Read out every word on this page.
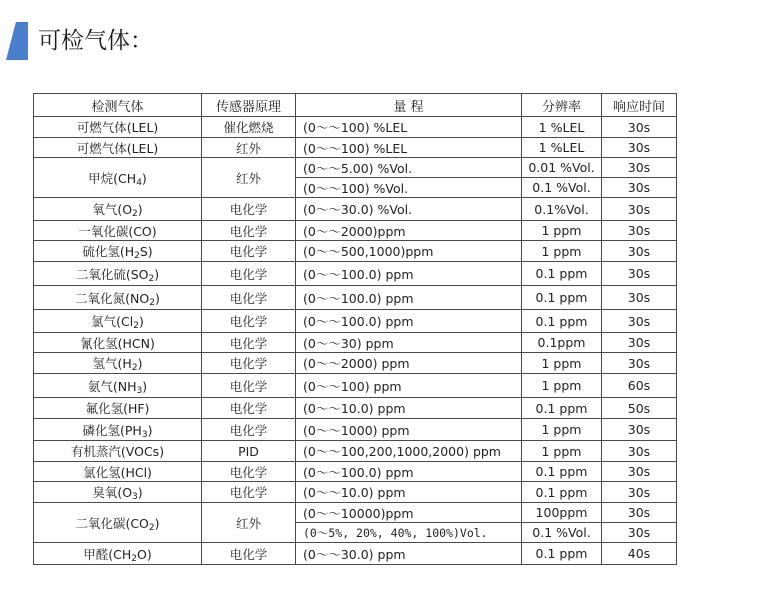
可检气体：
检测气体	传感器原理	量 程	分辨率	响应时间
可燃气体(LEL)	催化燃烧	(0～～100) %LEL	1 %LEL	30s
可燃气体(LEL)	红外	(0～～100) %LEL	1 %LEL	30s
甲烷$(CH_4)$	红外	(0～～5.00) %Vol.	0.01 %Vol.	30s
		(0～～100) %Vol.	0.1 %Vol.	30s
氧气$(O_2)$	电化学	(0～～30.0) %Vol.	0.1%Vol.	30s
一氧化碳(CO)	电化学	(0～～2000)ppm	1 ppm	30s
硫化氢$(H_2S)$	电化学	(0～～500,1000)ppm	1 ppm	30s
二氧化硫$(SO_2)$	电化学	(0～～100.0) ppm	0.1 ppm	30s
二氧化氮$(NO_2)$	电化学	(0～～100.0) ppm	0.1 ppm	30s
氯气$(Cl_2)$	电化学	(0～～100.0) ppm	0.1 ppm	30s
氰化氢(HCN)	电化学	(0～～30) ppm	0.1ppm	30s
氢气$(H_2)$	电化学	(0～～2000) ppm	1 ppm	30s
氨气$(NH_3)$	电化学	(0～～100) ppm	1 ppm	60s
氟化氢(HF)	电化学	(0～～10.0) ppm	0.1 ppm	50s
磷化氢$(PH_3)$	电化学	(0～～1000) ppm	1 ppm	30s
有机蒸汽(VOCs)	PID	(0～～100,200,1000,2000) ppm	1 ppm	30s
氯化氢(HCl)	电化学	(0～～100.0) ppm	0.1 ppm	30s
臭氧$(O_3)$	电化学	(0～～10.0) ppm	0.1 ppm	30s
二氧化碳$(CO_2)$	红外	(0～～10000)ppm	100ppm	30s
		(0～5%, 20%, 40%, 100%)Vol.	0.1 %Vol.	30s
甲醛$(CH_2O)$	电化学	(0～～30.0) ppm	0.1 ppm	40s
